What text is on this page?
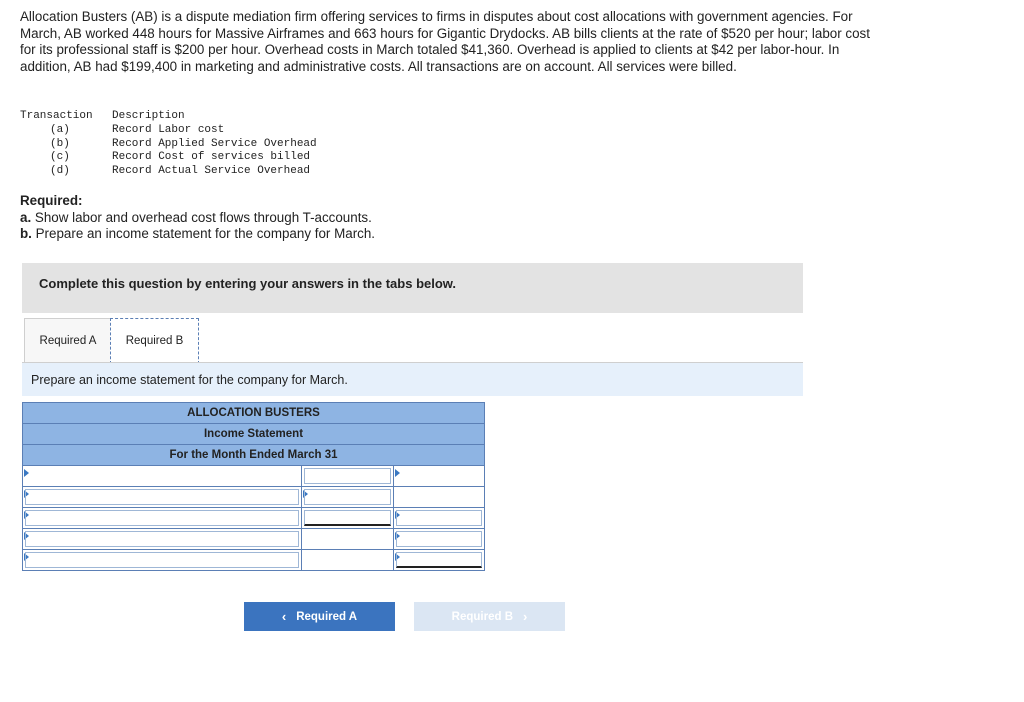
Allocation Busters (AB) is a dispute mediation firm offering services to firms in disputes about cost allocations with government agencies. For March, AB worked 448 hours for Massive Airframes and 663 hours for Gigantic Drydocks. AB bills clients at the rate of $520 per hour; labor cost for its professional staff is $200 per hour. Overhead costs in March totaled $41,360. Overhead is applied to clients at $42 per labor-hour. In addition, AB had $199,400 in marketing and administrative costs. All transactions are on account. All services were billed.
Transaction	Description
(a)	Record Labor cost
(b)	Record Applied Service Overhead
(c)	Record Cost of services billed
(d)	Record Actual Service Overhead
Required:
a. Show labor and overhead cost flows through T-accounts.
b. Prepare an income statement for the company for March.
Complete this question by entering your answers in the tabs below.
Required A	Required B
Prepare an income statement for the company for March.
ALLOCATION BUSTERS
Income Statement
For the Month Ended March 31
‹ Required A	Required B ›
